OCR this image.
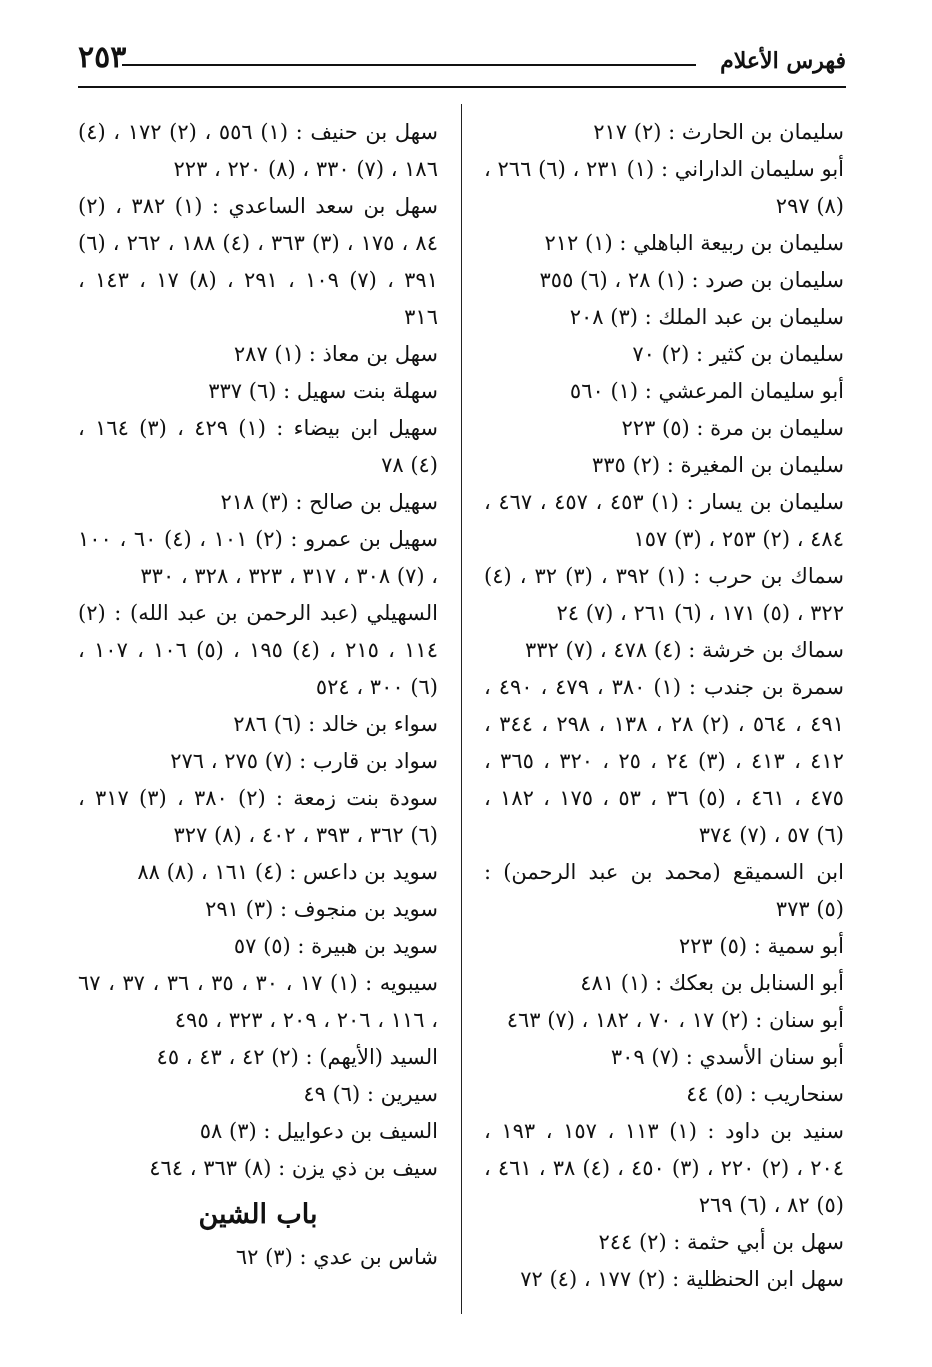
فهرس الأعلام
٢٥٣

سليمان بن الحارث : (٢) ٢١٧

أبو سليمان الداراني : (١) ٢٣١ ، (٦) ٢٦٦ ، (٨) ٢٩٧

سليمان بن ربيعة الباهلي : (١) ٢١٢

سليمان بن صرد : (١) ٢٨ ، (٦) ٣٥٥

سليمان بن عبد الملك : (٣) ٢٠٨

سليمان بن كثير : (٢) ٧٠

أبو سليمان المرعشي : (١) ٥٦٠

سليمان بن مرة : (٥) ٢٢٣

سليمان بن المغيرة : (٢) ٣٣٥

سليمان بن يسار : (١) ٤٥٣ ، ٤٥٧ ، ٤٦٧ ، ٤٨٤ ، (٢) ٢٥٣ ، (٣) ١٥٧

سماك بن حرب : (١) ٣٩٢ ، (٣) ٣٢ ، (٤) ٣٢٢ ، (٥) ١٧١ ، (٦) ٢٦١ ، (٧) ٢٤

سماك بن خرشة : (٤) ٤٧٨ ، (٧) ٣٣٢

سمرة بن جندب : (١) ٣٨٠ ، ٤٧٩ ، ٤٩٠ ، ٤٩١ ، ٥٦٤ ، (٢) ٢٨ ، ١٣٨ ، ٢٩٨ ، ٣٤٤ ، ٤١٢ ، ٤١٣ ، (٣) ٢٤ ، ٢٥ ، ٣٢٠ ، ٣٦٥ ، ٤٧٥ ، ٤٦١ ، (٥) ٣٦ ، ٥٣ ، ١٧٥ ، ١٨٢ ، (٦) ٥٧ ، (٧) ٣٧٤

ابن السميقع (محمد بن عبد الرحمن) : (٥) ٣٧٣

أبو سمية : (٥) ٢٢٣

أبو السنابل بن بعكك : (١) ٤٨١

أبو سنان : (٢) ١٧ ، ٧٠ ، ١٨٢ ، (٧) ٤٦٣

أبو سنان الأسدي : (٧) ٣٠٩

سنحاريب : (٥) ٤٤

سنيد بن داود : (١) ١١٣ ، ١٥٧ ، ١٩٣ ، ٢٠٤ ، (٢) ٢٢٠ ، (٣) ٤٥٠ ، (٤) ٣٨ ، ٤٦١ ، (٥) ٨٢ ، (٦) ٢٦٩

سهل بن أبي حثمة : (٢) ٢٤٤

سهل ابن الحنظلية : (٢) ١٧٧ ، (٤) ٧٢

سهل بن حنيف : (١) ٥٥٦ ، (٢) ١٧٢ ، (٤) ١٨٦ ، (٧) ٣٣٠ ، (٨) ٢٢٠ ، ٢٢٣

سهل بن سعد الساعدي : (١) ٣٨٢ ، (٢) ٨٤ ، ١٧٥ ، (٣) ٣٦٣ ، (٤) ١٨٨ ، ٢٦٢ ، (٦) ٣٩١ ، (٧) ١٠٩ ، ٢٩١ ، (٨) ١٧ ، ١٤٣ ، ٣١٦

سهل بن معاذ : (١) ٢٨٧

سهلة بنت سهيل : (٦) ٣٣٧

سهيل ابن بيضاء : (١) ٤٢٩ ، (٣) ١٦٤ ، (٤) ٧٨

سهيل بن صالح : (٣) ٢١٨

سهيل بن عمرو : (٢) ١٠١ ، (٤) ٦٠ ، ١٠٠ ، (٧) ٣٠٨ ، ٣١٧ ، ٣٢٣ ، ٣٢٨ ، ٣٣٠

السهيلي (عبد الرحمن بن عبد الله) : (٢) ١١٤ ، ٢١٥ ، (٤) ١٩٥ ، (٥) ١٠٦ ، ١٠٧ ، (٦) ٣٠٠ ، ٥٢٤

سواء بن خالد : (٦) ٢٨٦

سواد بن قارب : (٧) ٢٧٥ ، ٢٧٦

سودة بنت زمعة : (٢) ٣٨٠ ، (٣) ٣١٧ ، (٦) ٣٦٢ ، ٣٩٣ ، ٤٠٢ ، (٨) ٣٢٧

سويد بن داعس : (٤) ١٦١ ، (٨) ٨٨

سويد بن منجوف : (٣) ٢٩١

سويد بن هبيرة : (٥) ٥٧

سيبويه : (١) ١٧ ، ٣٠ ، ٣٥ ، ٣٦ ، ٣٧ ، ٦٧ ، ١١٦ ، ٢٠٦ ، ٢٠٩ ، ٣٢٣ ، ٤٩٥

السيد (الأيهم) : (٢) ٤٢ ، ٤٣ ، ٤٥

سيرين : (٦) ٤٩

السيف بن دعواييل : (٣) ٥٨

سيف بن ذي يزن : (٨) ٣٦٣ ، ٤٦٤

باب الشين

شاس بن عدي : (٣) ٦٢
